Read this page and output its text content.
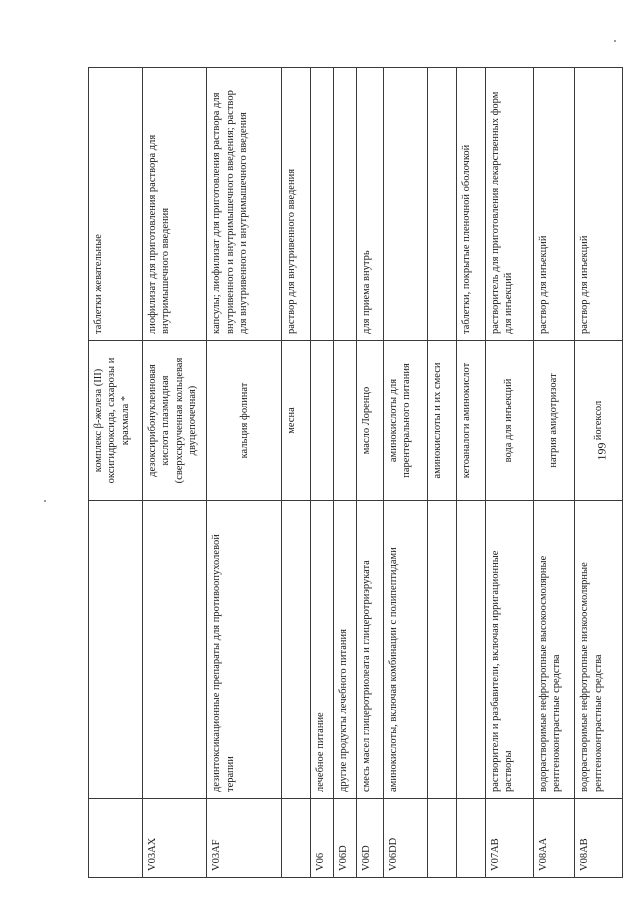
		комплекс β-железа (III) оксигидроксида, сахарозы и крахмала *	таблетки жевательные
V03AX		дезоксирибонуклеиновая кислота плазмидная (сверхскрученная кольцевая двуцепочечная)	лиофилизат для приготовления раствора для внутримышечного введения
V03AF	дезинтоксикационные препараты для противоопухолевой терапии	кальция фолинат	капсулы; лиофилизат для приготовления раствора для внутривенного и внутримышечного введения; раствор для внутривенного и внутримышечного введения
		месна	раствор для внутривенного введения
V06	лечебное питание		
V06D	другие продукты лечебного питания		
V06D	смесь масел глицеротриолеата и глицеротриэрукатa	масло Лоренцо	для приема внутрь
V06DD	аминокислоты, включая комбинации с полипептидами	аминокислоты для парентерального питания	
		аминокислоты и их смеси	
		кетоаналоги аминокислот	таблетки, покрытые пленочной оболочкой
V07AB	растворители и разбавители, включая ирригационные растворы	вода для инъекций	растворитель для приготовления лекарственных форм для инъекций
V08AA	водорастворимые нефротропные высокоосмолярные рентгеноконтрастные средства	натрия амидотризоат	раствор для инъекций
V08AB	водорастворимые нефротропные низкоосмолярные рентгеноконтрастные средства	йогексол	раствор для инъекций
199
